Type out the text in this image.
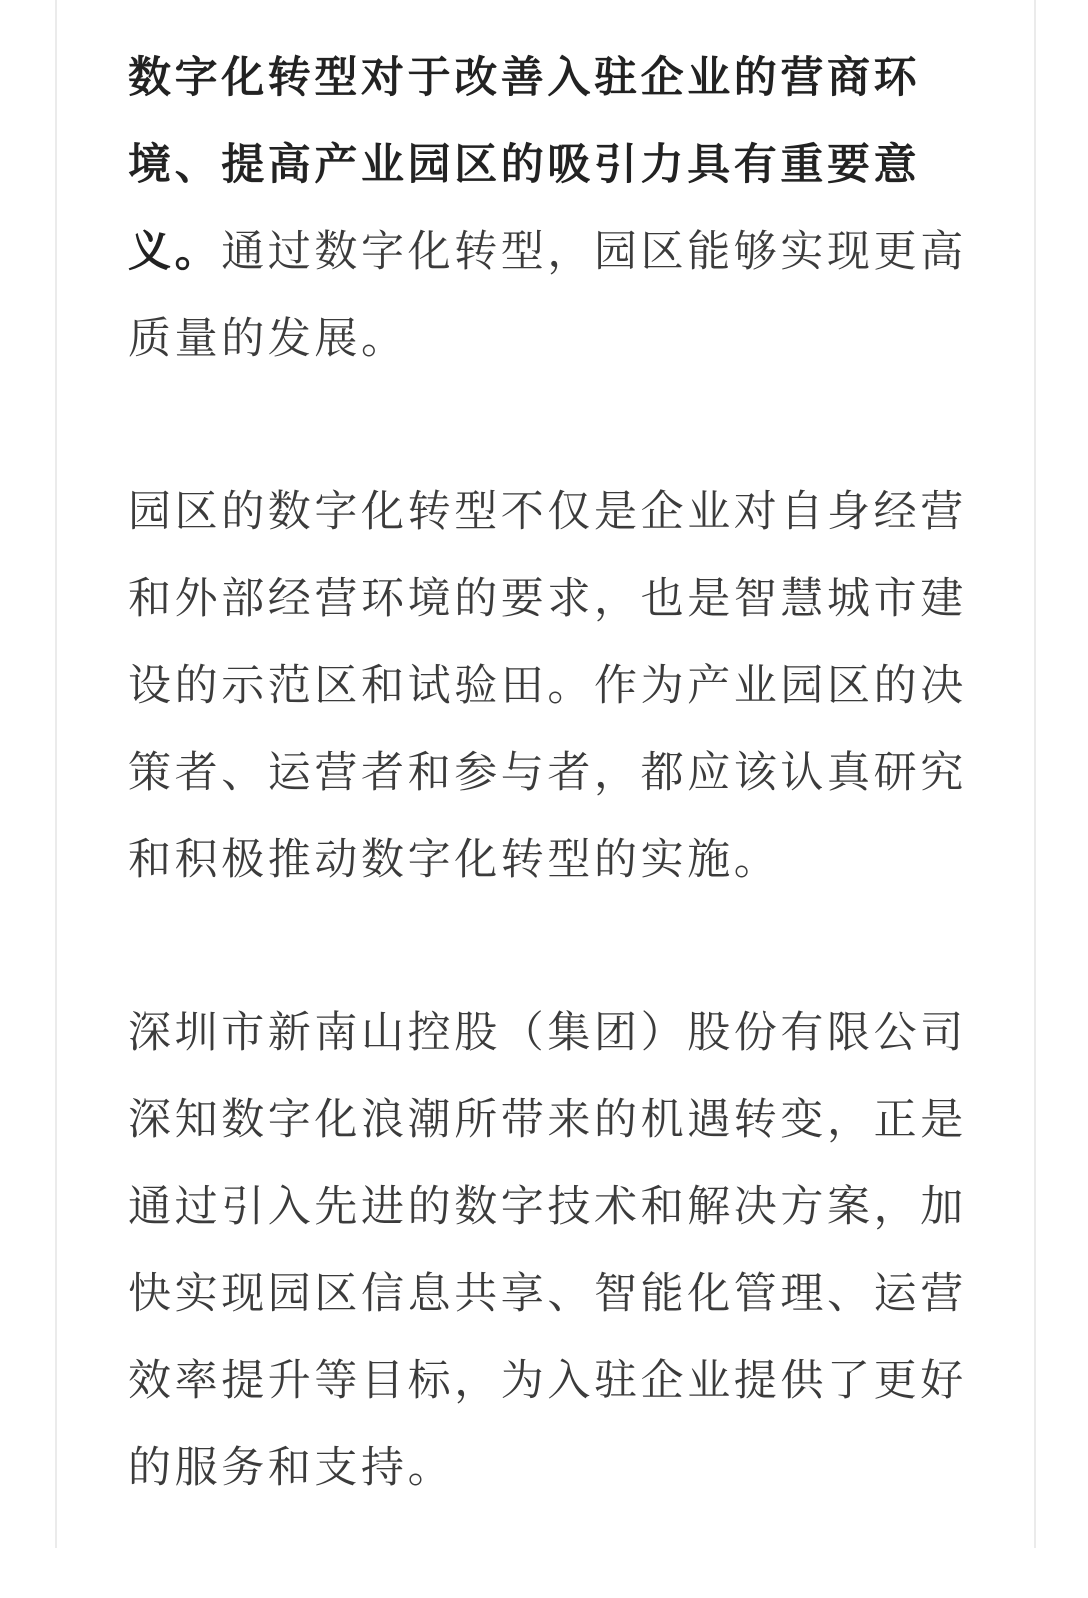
数字化转型对于改善入驻企业的营商环
境、提高产业园区的吸引力具有重要意
义。通过数字化转型，园区能够实现更高
质量的发展。
园区的数字化转型不仅是企业对自身经营
和外部经营环境的要求，也是智慧城市建
设的示范区和试验田。作为产业园区的决
策者、运营者和参与者，都应该认真研究
和积极推动数字化转型的实施。
深圳市新南山控股（集团）股份有限公司
深知数字化浪潮所带来的机遇转变，正是
通过引入先进的数字技术和解决方案，加
快实现园区信息共享、智能化管理、运营
效率提升等目标，为入驻企业提供了更好
的服务和支持。
